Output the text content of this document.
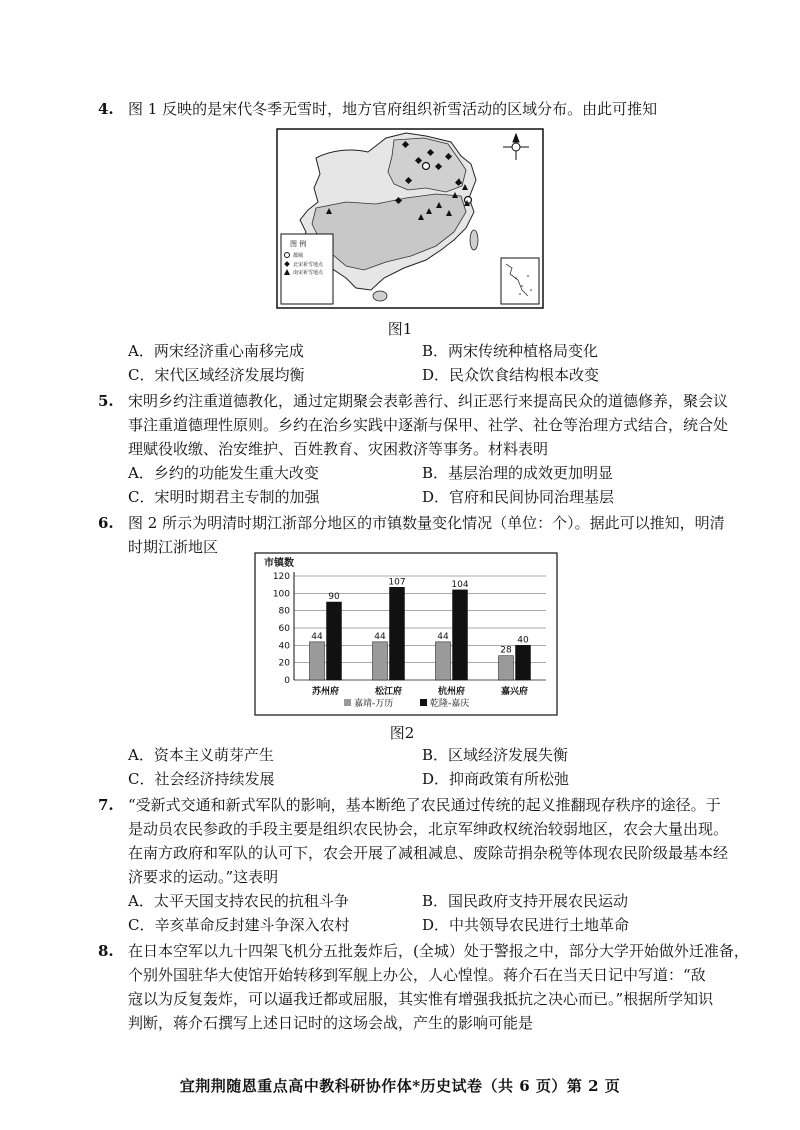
4. 图 1 反映的是宋代冬季无雪时，地方官府组织祈雪活动的区域分布。由此可推知
图 例
都城
北宋祈雪地点
南宋祈雪地点
图1
A．两宋经济重心南移完成	B．两宋传统种植格局变化
C．宋代区域经济发展均衡	D．民众饮食结构根本改变
5. 宋明乡约注重道德教化，通过定期聚会表彰善行、纠正恶行来提高民众的道德修养，聚会议
事注重道德理性原则。乡约在治乡实践中逐渐与保甲、社学、社仓等治理方式结合，统合处
理赋役收缴、治安维护、百姓教育、灾困救济等事务。材料表明
A．乡约的功能发生重大改变	B．基层治理的成效更加明显
C．宋明时期君主专制的加强	D．官府和民间协同治理基层
6. 图 2 所示为明清时期江浙部分地区的市镇数量变化情况（单位：个）。据此可以推知，明清
时期江浙地区
市镇数
0
20
40
60
80
100
120
44
90
苏州府
44
107
松江府
44
104
杭州府
28
40
嘉兴府
嘉靖-万历	乾隆-嘉庆
图2
A．资本主义萌芽产生	B．区域经济发展失衡
C．社会经济持续发展	D．抑商政策有所松弛
7. “受新式交通和新式军队的影响，基本断绝了农民通过传统的起义推翻现存秩序的途径。于
是动员农民参政的手段主要是组织农民协会，北京军绅政权统治较弱地区，农会大量出现。
在南方政府和军队的认可下，农会开展了减租减息、废除苛捐杂税等体现农民阶级最基本经
济要求的运动。”这表明
A．太平天国支持农民的抗租斗争	B．国民政府支持开展农民运动
C．辛亥革命反封建斗争深入农村	D．中共领导农民进行土地革命
8. 在日本空军以九十四架飞机分五批轰炸后，(全城）处于警报之中，部分大学开始做外迁准备，
个别外国驻华大使馆开始转移到军舰上办公，人心惶惶。蒋介石在当天日记中写道：“敌
寇以为反复轰炸，可以逼我迁都或屈服，其实惟有增强我抵抗之决心而已。”根据所学知识
判断，蒋介石撰写上述日记时的这场会战，产生的影响可能是
宜荆荆随恩重点高中教科研协作体*历史试卷（共 6 页）第 2 页
